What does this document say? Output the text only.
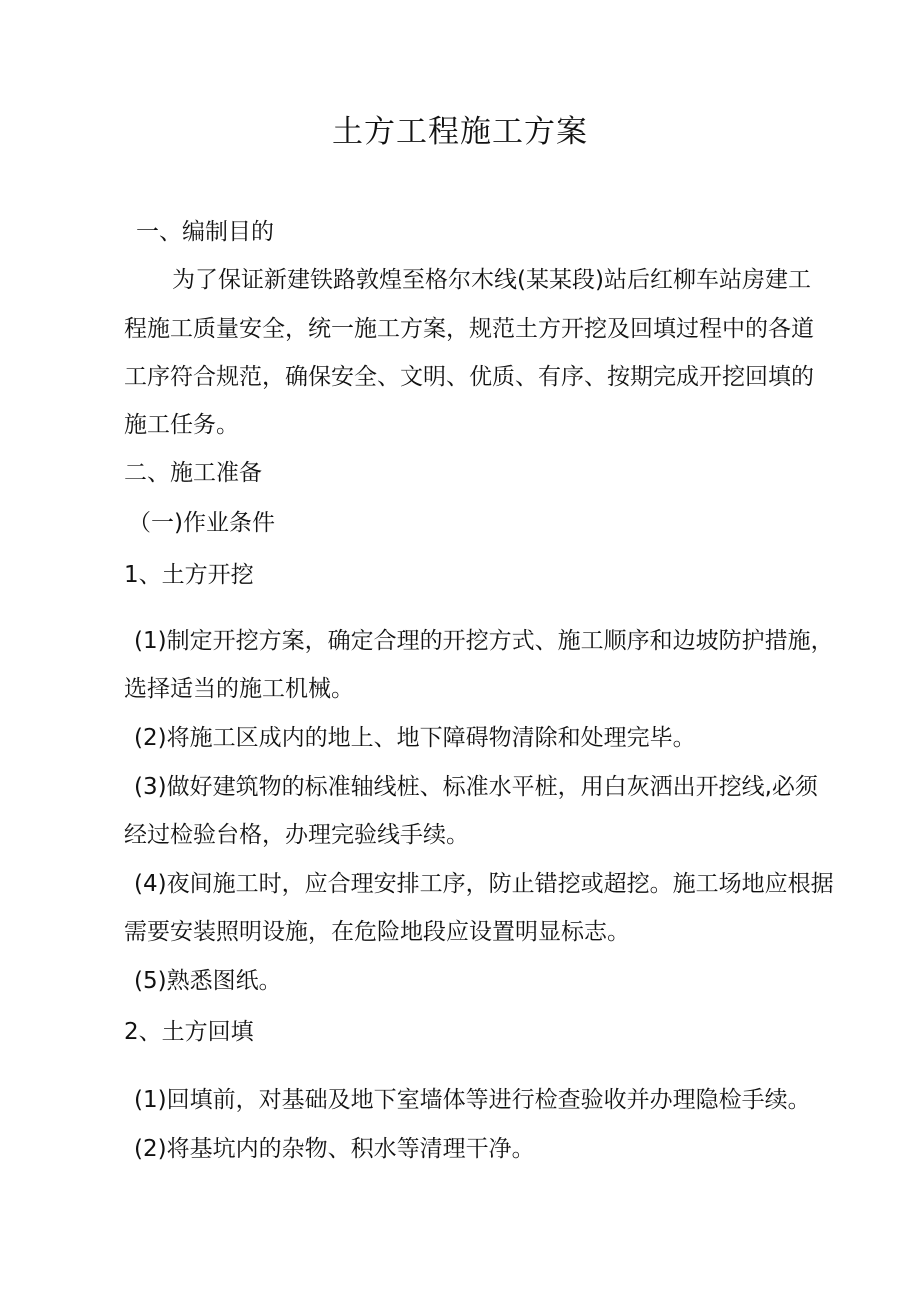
土方工程施工方案
一、编制目的
为了保证新建铁路敦煌至格尔木线(某某段)站后红柳车站房建工
程施工质量安全，统一施工方案，规范土方开挖及回填过程中的各道
工序符合规范，确保安全、文明、优质、有序、按期完成开挖回填的
施工任务。
二、施工准备
（一)作业条件
1、土方开挖
(1)制定开挖方案，确定合理的开挖方式、施工顺序和边坡防护措施，
选择适当的施工机械。
(2)将施工区成内的地上、地下障碍物清除和处理完毕。
(3)做好建筑物的标准轴线桩、标准水平桩，用白灰洒出开挖线,必须
经过检验台格，办理完验线手续。
(4)夜间施工时，应合理安排工序，防止错挖或超挖。施工场地应根据
需要安装照明设施，在危险地段应设置明显标志。
(5)熟悉图纸。
2、土方回填
(1)回填前，对基础及地下室墙体等进行检查验收并办理隐检手续。
(2)将基坑内的杂物、积水等清理干净。
